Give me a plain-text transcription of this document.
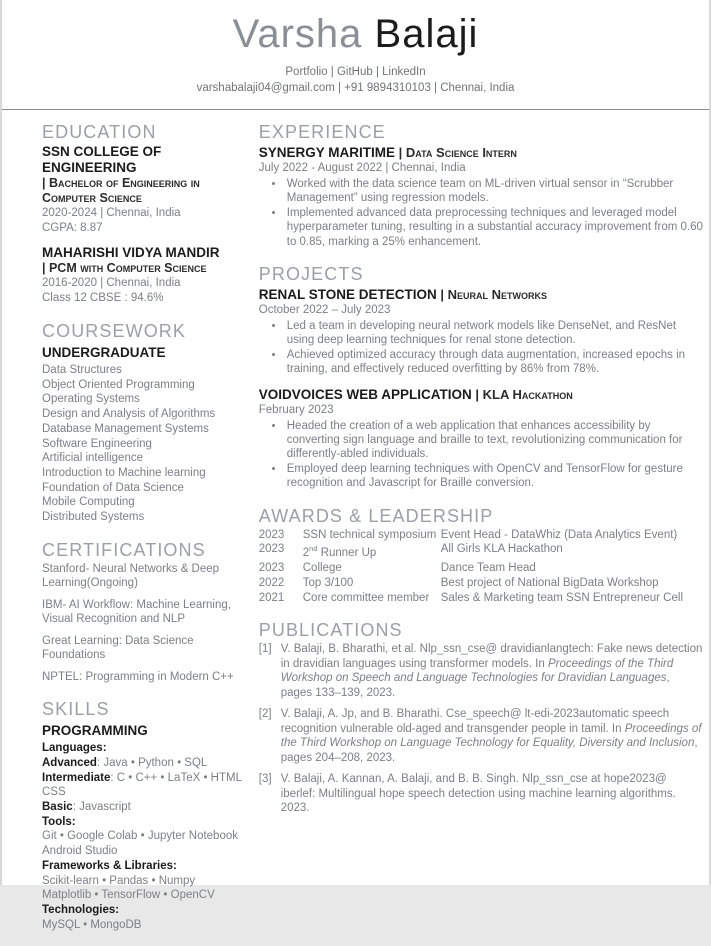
Varsha Balaji
Portfolio | GitHub | LinkedIn
varshabalaji04@gmail.com | +91 9894310103 | Chennai, India
EDUCATION
SSN COLLEGE OF ENGINEERING
| Bachelor of Engineering in Computer Science
2020-2024 | Chennai, India
CGPA: 8.87
MAHARISHI VIDYA MANDIR
| PCM with Computer Science
2016-2020 | Chennai, India
Class 12 CBSE : 94.6%
COURSEWORK
UNDERGRADUATE
Data Structures
Object Oriented Programming
Operating Systems
Design and Analysis of Algorithms
Database Management Systems
Software Engineering
Artificial intelligence
Introduction to Machine learning
Foundation of Data Science
Mobile Computing
Distributed Systems
CERTIFICATIONS
Stanford- Neural Networks & Deep Learning(Ongoing)
IBM- AI Workflow: Machine Learning, Visual Recognition and NLP
Great Learning: Data Science Foundations
NPTEL: Programming in Modern C++
SKILLS
PROGRAMMING
Languages:
Advanced: Java • Python • SQL
Intermediate: C • C++ • LaTeX • HTML
CSS
Basic: Javascript
Tools:
Git • Google Colab • Jupyter Notebook
Android Studio
Frameworks & Libraries:
Scikit-learn • Pandas • Numpy
Matplotlib • TensorFlow • OpenCV
Technologies:
MySQL • MongoDB
EXPERIENCE
SYNERGY MARITIME | Data Science Intern
July 2022 - August 2022 | Chennai, India
• Worked with the data science team on ML-driven virtual sensor in “Scrubber Management” using regression models.
• Implemented advanced data preprocessing techniques and leveraged model hyperparameter tuning, resulting in a substantial accuracy improvement from 0.60 to 0.85, marking a 25% enhancement.
PROJECTS
RENAL STONE DETECTION | Neural Networks
October 2022 – July 2023
• Led a team in developing neural network models like DenseNet, and ResNet using deep learning techniques for renal stone detection.
• Achieved optimized accuracy through data augmentation, increased epochs in training, and effectively reduced overfitting by 86% from 78%.
VOIDVOICES WEB APPLICATION | KLA Hackathon
February 2023
• Headed the creation of a web application that enhances accessibility by converting sign language and braille to text, revolutionizing communication for differently-abled individuals.
• Employed deep learning techniques with OpenCV and TensorFlow for gesture recognition and Javascript for Braille conversion.
AWARDS & LEADERSHIP
2023	SSN technical symposium	Event Head - DataWhiz (Data Analytics Event)
2023	2nd Runner Up	All Girls KLA Hackathon
2023	College	Dance Team Head
2022	Top 3/100	Best project of National BigData Workshop
2021	Core committee member	Sales & Marketing team SSN Entrepreneur Cell
PUBLICATIONS
[1] V. Balaji, B. Bharathi, et al. Nlp_ssn_cse@ dravidianlangtech: Fake news detection in dravidian languages using transformer models. In Proceedings of the Third Workshop on Speech and Language Technologies for Dravidian Languages, pages 133–139, 2023.
[2] V. Balaji, A. Jp, and B. Bharathi. Cse_speech@ lt-edi-2023automatic speech recognition vulnerable old-aged and transgender people in tamil. In Proceedings of the Third Workshop on Language Technology for Equality, Diversity and Inclusion, pages 204–208, 2023.
[3] V. Balaji, A. Kannan, A. Balaji, and B. B. Singh. Nlp_ssn_cse at hope2023@ iberlef: Multilingual hope speech detection using machine learning algorithms. 2023.
